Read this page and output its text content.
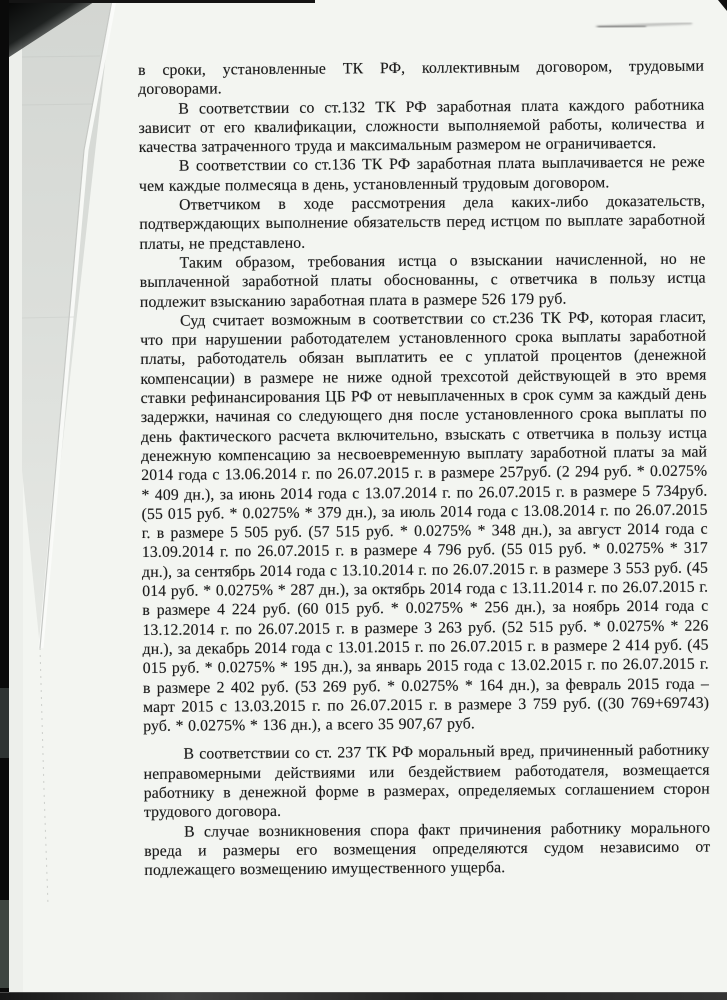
в сроки, установленные ТК РФ, коллективным договором, трудовыми договорами.

В соответствии со ст.132 ТК РФ заработная плата каждого работника зависит от его квалификации, сложности выполняемой работы, количества и качества затраченного труда и максимальным размером не ограничивается.

В соответствии со ст.136 ТК РФ заработная плата выплачивается не реже чем каждые полмесяца в день, установленный трудовым договором.

Ответчиком в ходе рассмотрения дела каких-либо доказательств, подтверждающих выполнение обязательств перед истцом по выплате заработной платы, не представлено.

Таким образом, требования истца о взыскании начисленной, но не выплаченной заработной платы обоснованны, с ответчика в пользу истца подлежит взысканию заработная плата в размере 526 179 руб.

Суд считает возможным в соответствии со ст.236 ТК РФ, которая гласит, что при нарушении работодателем установленного срока выплаты заработной платы, работодатель обязан выплатить ее с уплатой процентов (денежной компенсации) в размере не ниже одной трехсотой действующей в это время ставки рефинансирования ЦБ РФ от невыплаченных в срок сумм за каждый день задержки, начиная со следующего дня после установленного срока выплаты по день фактического расчета включительно, взыскать с ответчика в пользу истца денежную компенсацию за несвоевременную выплату заработной платы за май 2014 года с 13.06.2014 г. по 26.07.2015 г. в размере 257руб. (2 294 руб. * 0.0275% * 409 дн.), за июнь 2014 года с 13.07.2014 г. по 26.07.2015 г. в размере 5 734руб. (55 015 руб. * 0.0275% * 379 дн.), за июль 2014 года с 13.08.2014 г. по 26.07.2015 г. в размере 5 505 руб. (57 515 руб. * 0.0275% * 348 дн.), за август 2014 года с 13.09.2014 г. по 26.07.2015 г. в размере 4 796 руб. (55 015 руб. * 0.0275% * 317 дн.), за сентябрь 2014 года с 13.10.2014 г. по 26.07.2015 г. в размере 3 553 руб. (45 014 руб. * 0.0275% * 287 дн.), за октябрь 2014 года с 13.11.2014 г. по 26.07.2015 г. в размере 4 224 руб. (60 015 руб. * 0.0275% * 256 дн.), за ноябрь 2014 года с 13.12.2014 г. по 26.07.2015 г. в размере 3 263 руб. (52 515 руб. * 0.0275% * 226 дн.), за декабрь 2014 года с 13.01.2015 г. по 26.07.2015 г. в размере 2 414 руб. (45 015 руб. * 0.0275% * 195 дн.), за январь 2015 года с 13.02.2015 г. по 26.07.2015 г. в размере 2 402 руб. (53 269 руб. * 0.0275% * 164 дн.), за февраль 2015 года – март 2015 с 13.03.2015 г. по 26.07.2015 г. в размере 3 759 руб. ((30 769+69743) руб. * 0.0275% * 136 дн.), а всего 35 907,67 руб.

В соответствии со ст. 237 ТК РФ моральный вред, причиненный работнику неправомерными действиями или бездействием работодателя, возмещается работнику в денежной форме в размерах, определяемых соглашением сторон трудового договора.

В случае возникновения спора факт причинения работнику морального вреда и размеры его возмещения определяются судом независимо от подлежащего возмещению имущественного ущерба.
